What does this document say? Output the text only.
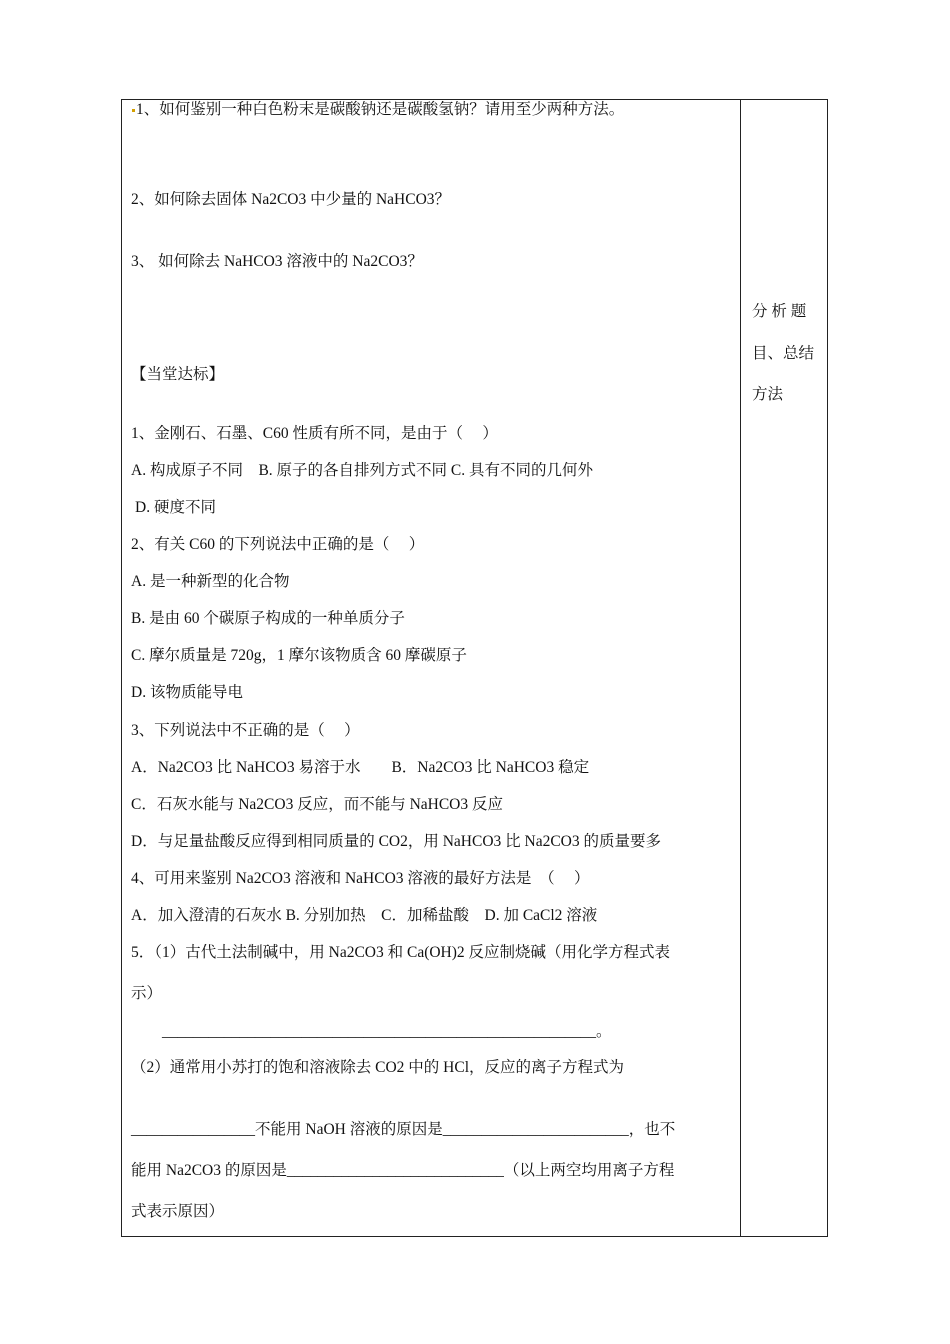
1、如何鉴别一种白色粉末是碳酸钠还是碳酸氢钠？请用至少两种方法。
2、如何除去固体 Na2CO3 中少量的 NaHCO3？
3、 如何除去 NaHCO3 溶液中的 Na2CO3？
【当堂达标】
1、金刚石、石墨、C60 性质有所不同，是由于（　 ）
A. 构成原子不同　B. 原子的各自排列方式不同 C. 具有不同的几何外
D. 硬度不同
2、有关 C60 的下列说法中正确的是（　 ）
A. 是一种新型的化合物
B. 是由 60 个碳原子构成的一种单质分子
C. 摩尔质量是 720g，1 摩尔该物质含 60 摩碳原子
D. 该物质能导电
3、下列说法中不正确的是（　 ）
A．Na2CO3 比 NaHCO3 易溶于水　　B．Na2CO3 比 NaHCO3 稳定
C．石灰水能与 Na2CO3 反应，而不能与 NaHCO3 反应
D．与足量盐酸反应得到相同质量的 CO2，用 NaHCO3 比 Na2CO3 的质量要多
4、可用来鉴别 Na2CO3 溶液和 NaHCO3 溶液的最好方法是　（　 ）
A．加入澄清的石灰水 B. 分别加热　C．加稀盐酸　D. 加 CaCl2 溶液
5．（1）古代土法制碱中，用 Na2CO3 和 Ca(OH)2 反应制烧碱（用化学方程式表
示）
　　________________________________________________________。
（2）通常用小苏打的饱和溶液除去 CO2 中的 HCl，反应的离子方程式为
________________不能用 NaOH 溶液的原因是________________________，也不
能用 Na2CO3 的原因是____________________________（以上两空均用离子方程
式表示原因）
分 析 题
目、总结
方法
